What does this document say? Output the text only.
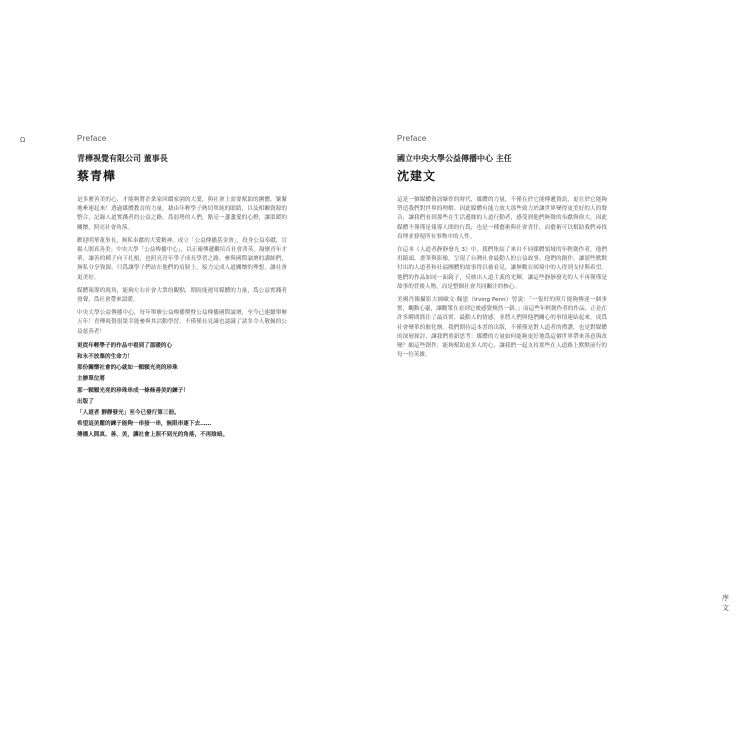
Ω	Preface
青樺視覺有限公司 董事長
蔡青樺

是多麼善美的心，才能夠將企業家回饋家園的大愛，與社會上需要幫助的團體，緊緊地牽連起來！透過媒體教育的力量，藉由年輕學子熱切單純的眼睛，以及相關資源的整合，記錄人道實踐者的公益之路，爲弱勢的人們，點亮一盞盞愛的心燈，讓溫暖的關懷，照亮社會角落。

歡迎明華董事長，無私奉獻的大愛精神，成立「公益傳播基金會」，投身公益奉獻，宣揚人間真善美；中央大學「公益傳播中心」，以正確傳遞觀培育社會菁英，凝聚青年才華，讓善的種子向下扎根，也照亮青年學子成長學習之路。參與國際論壇的講師們，無私分享資源，只爲讓學子們站在他們的肩膀上，接力完成人道關懷的理想，讓社會更美好。

媒體報導的視角，能夠左右社會大衆的觀點，期盼能運用媒體的力量，爲公益實踐者發聲，爲社會帶來溫暖。

中央大學公益傳播中心，每年舉辦公益傳播獎暨公益傳播國際論壇，至今已連續舉辦五年！青樺視覺很榮幸能參與其活動學習，不僅僅長見識也認識了諸多令人敬佩的公益慈善者！

更從年輕學子的作品中看到了溫暖的心

和永不放棄的生命力！

那份關懷社會的心就如一顆顆光亮的珍珠

主辦單位將

那一顆顆光亮的珍珠串成一條條善美的鍊子！

出版了

「人道者 靜靜發光」至今已發行第三冊。

希望這美麗的鍊子能夠一串接一串，無限串連下去……

傳播人間真、善、美，讓社會上照不到光的角落，不再陰暗。

Preface
國立中央大學公益傳播中心 主任
沈建文

這是一個媒體資訊爆炸的時代，媒體的力量，不僅在於它能傳遞資訊，更在於它能夠塑造我們對世界的理解。因此媒體有能力放大那些致力於讓世界變得更美好的人的聲音，讓我們看到那些在生活邊緣的人道行動者，感受到他們無聲的奉獻與偉大。因此媒體不僅僅是報導人間的行爲，也是一種藝術與社會責任，而藝術可以幫助我們尋找真理並發現所有事物中的人性。

在這本《人道者靜靜發光 3》中，我們集結了來自不同媒體領域的年輕創作者，他們用鏡頭、畫筆與影像，呈現了台灣社會最動人的公益故事。他們的創作，讓那些默默付出的人道者和社福團體的故事得以被看見，讓無數在困境中的人得到支持與希望。他們的作品如同一面鏡子，反映出人道主義的光輝，讓這些靜靜發光的人不再僅僅是故事的背後人物，而是整個社會共同關注的核心。

美國肖像攝影大師歐文·佩恩（Irving Penn）曾說：「一張好的照片能夠傳達一個事實，觸動心靈，讓觀衆在看到它後感覺煥然一新。」而這些年輕創作者的作品，正是在許多瞬間抓住了最真實、最動人的情感，並將人們與他們關心的事情連結起來，成爲社會變革的催化劑。我們期待這本書的出版，不僅僅是對人道者的禮讚，也是對媒體的深層探討，讓我們重新思考：媒體的力量如何能夠更好地爲這個世界帶來善意與改變？願這些創作，能夠幫助更多人的心，讓我們一起支持那些在人道路上默默前行的每一位英雄。

序
文
